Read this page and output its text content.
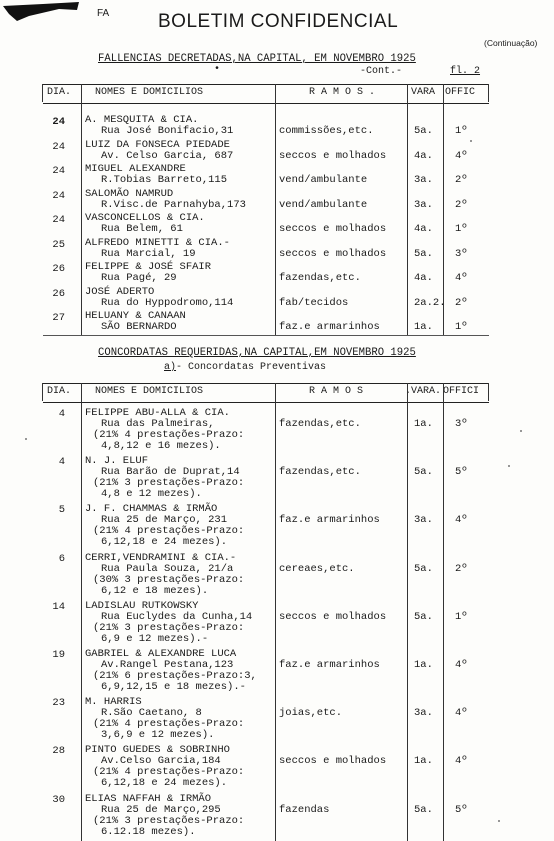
FA	BOLETIM CONFIDENCIAL
(Continuação)
FALLENCIAS DECRETADAS,NA CAPITAL, EM NOVEMBRO 1925
•	-Cont.-	fl. 2
DIA. NOMES E DOMICILIOS	R A M O S .	VARA OFFIC
24 A. MESQUITA & CIA.
Rua José Bonifacio,31	commissões,etc.	5a. 1º
24 LUIZ DA FONSECA PIEDADE
Av. Celso Garcia, 687	seccos e molhados	4a. 4º
24 MIGUEL ALEXANDRE
R.Tobias Barreto,115	vend/ambulante	3a. 2º
24 SALOMÃO NAMRUD
R.Visc.de Parnahyba,173	vend/ambulante	3a. 2º
24 VASCONCELLOS & CIA.
Rua Belem, 61	seccos e molhados	4a. 1º
25 ALFREDO MINETTI & CIA.-
Rua Marcial, 19	seccos e molhados	5a. 3º
26 FELIPPE & JOSÉ SFAIR
Rua Pagé, 29	fazendas,etc.	4a. 4º
26 JOSÉ ADERTO
Rua do Hyppodromo,114	fab/tecidos	2a.2. 2º
27 HELUANY & CANAAN
SÃO BERNARDO	faz.e armarinhos	1a. 1º
CONCORDATAS REQUERIDAS,NA CAPITAL,EM NOVEMBRO 1925
a)- Concordatas Preventivas
DIA. NOMES E DOMICILIOS	R A M O S	.VARA. OFFICI
4 FELIPPE ABU-ALLA & CIA.
Rua das Palmeiras,
(21% 4 prestações-Prazo:
4,8,12 e 16 mezes).
fazendas,etc.	1a. 3º
4 N. J. ELUF
Rua Barão de Duprat,14
(21% 3 prestações-Prazo:
4,8 e 12 mezes).
fazendas,etc.	5a. 5º
5 J. F. CHAMMAS & IRMÃO
Rua 25 de Março, 231
(21% 4 prestações-Prazo:
6,12,18 e 24 mezes).
faz.e armarinhos	3a. 4º
6 CERRI,VENDRAMINI & CIA.-
Rua Paula Souza, 21/a
(30% 3 prestações-Prazo:
6,12 e 18 mezes).
cereaes,etc.	5a. 2º
14 LADISLAU RUTKOWSKY
Rua Euclydes da Cunha,14
(21% 3 prestações-Prazo:
6,9 e 12 mezes).-
seccos e molhados	5a. 1º
19 GABRIEL & ALEXANDRE LUCA
Av.Rangel Pestana,123
(21% 6 prestações-Prazo:3,
6,9,12,15 e 18 mezes).-
faz.e armarinhos	1a. 4º
23 M. HARRIS
R.São Caetano, 8
(21% 4 prestações-Prazo:
3,6,9 e 12 mezes).
joias,etc.	3a. 4º
28 PINTO GUEDES & SOBRINHO
Av.Celso Garcia,184
(21% 4 prestações-Prazo:
6,12,18 e 24 mezes).
seccos e molhados	1a. 4º
30 ELIAS NAFFAH & IRMÃO
Rua 25 de Março,295
(21% 3 prestações-Prazo:
6.12.18 mezes).
fazendas	5a. 5º
